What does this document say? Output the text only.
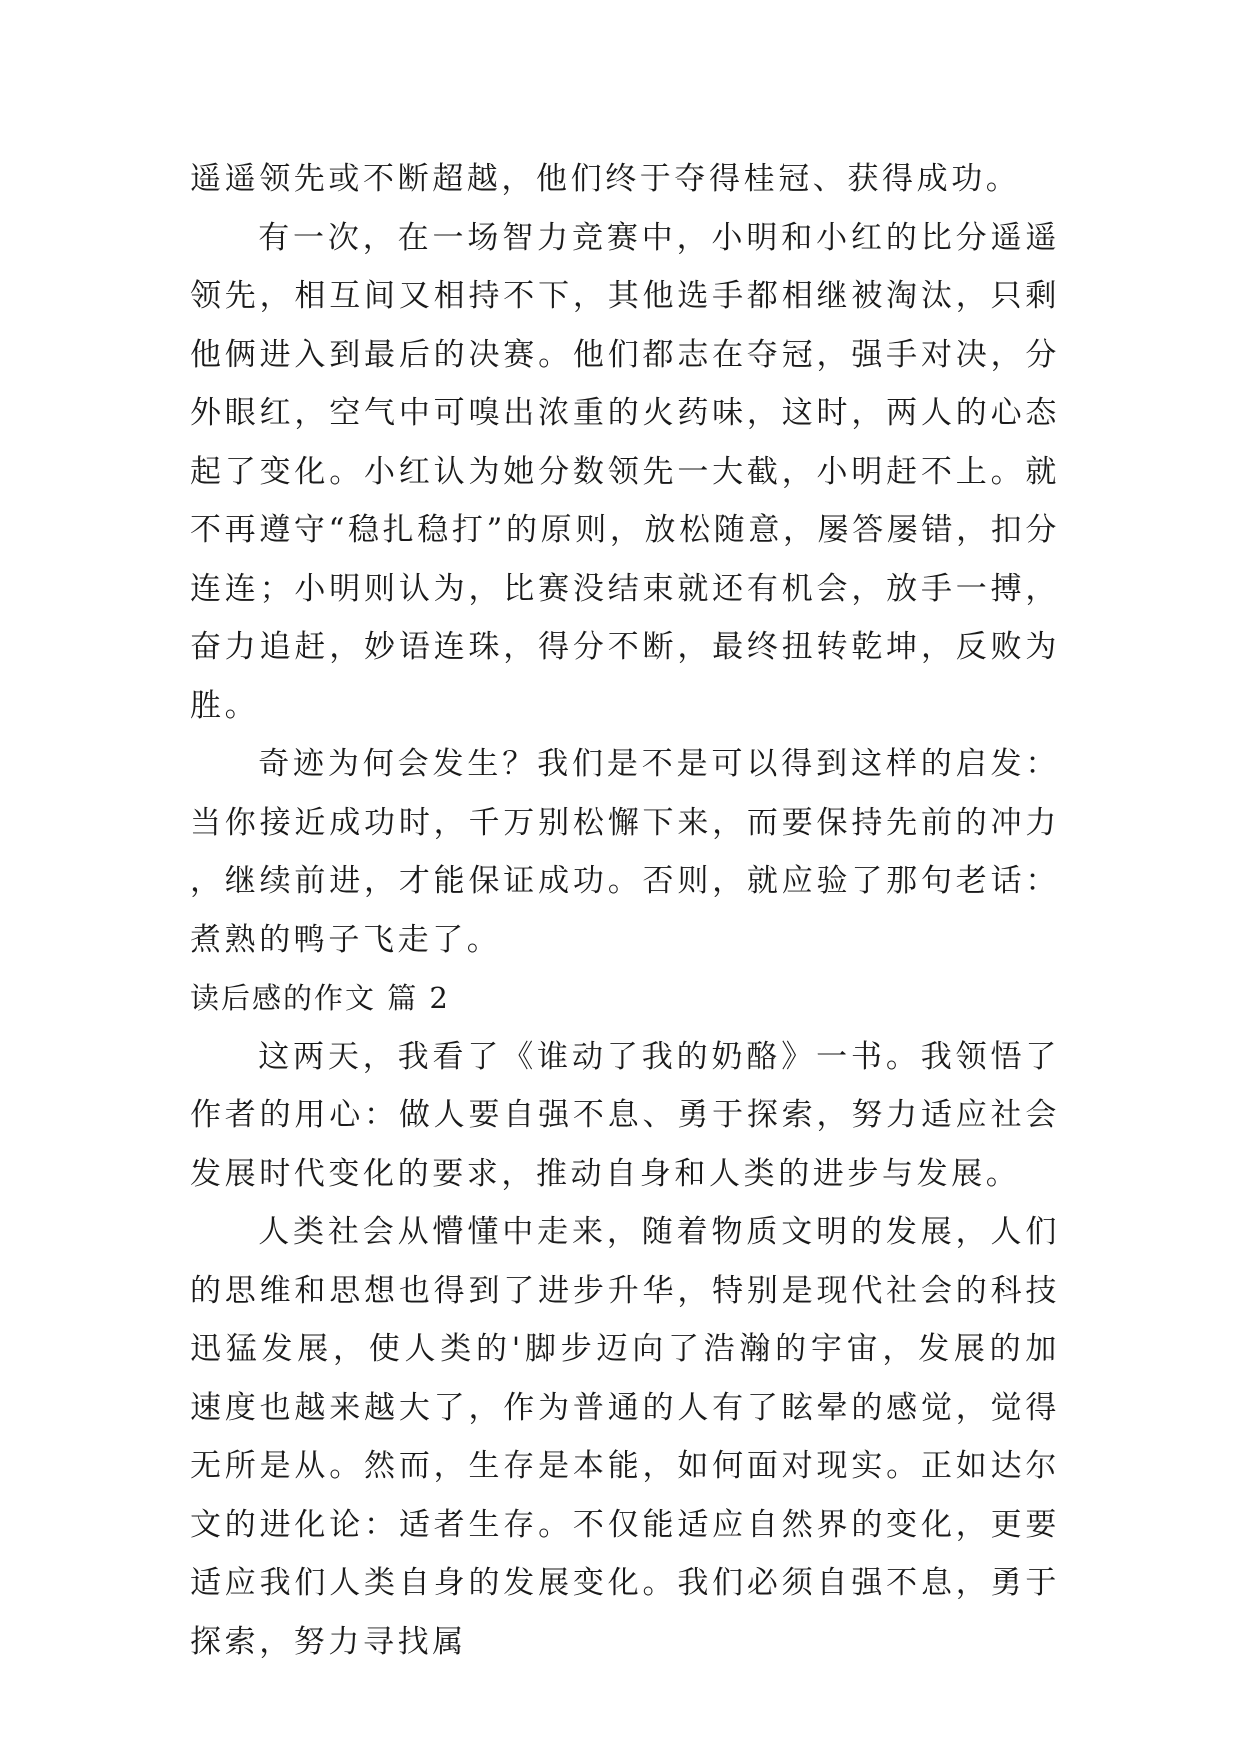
遥遥领先或不断超越，他们终于夺得桂冠、获得成功。

有一次，在一场智力竞赛中，小明和小红的比分遥遥领先，相互间又相持不下，其他选手都相继被淘汰，只剩他俩进入到最后的决赛。他们都志在夺冠，强手对决，分外眼红，空气中可嗅出浓重的火药味，这时，两人的心态起了变化。小红认为她分数领先一大截，小明赶不上。就不再遵守“稳扎稳打”的原则，放松随意，屡答屡错，扣分连连；小明则认为，比赛没结束就还有机会，放手一搏，奋力追赶，妙语连珠，得分不断，最终扭转乾坤，反败为胜。

奇迹为何会发生？我们是不是可以得到这样的启发：当你接近成功时，千万别松懈下来，而要保持先前的冲力，继续前进，才能保证成功。否则，就应验了那句老话：煮熟的鸭子飞走了。

读后感的作文 篇 2

这两天，我看了《谁动了我的奶酪》一书。我领悟了作者的用心：做人要自强不息、勇于探索，努力适应社会发展时代变化的要求，推动自身和人类的进步与发展。

人类社会从懵懂中走来，随着物质文明的发展，人们的思维和思想也得到了进步升华，特别是现代社会的科技迅猛发展，使人类的'脚步迈向了浩瀚的宇宙，发展的加速度也越来越大了，作为普通的人有了眩晕的感觉，觉得无所是从。然而，生存是本能，如何面对现实。正如达尔文的进化论：适者生存。不仅能适应自然界的变化，更要适应我们人类自身的发展变化。我们必须自强不息，勇于探索，努力寻找属
